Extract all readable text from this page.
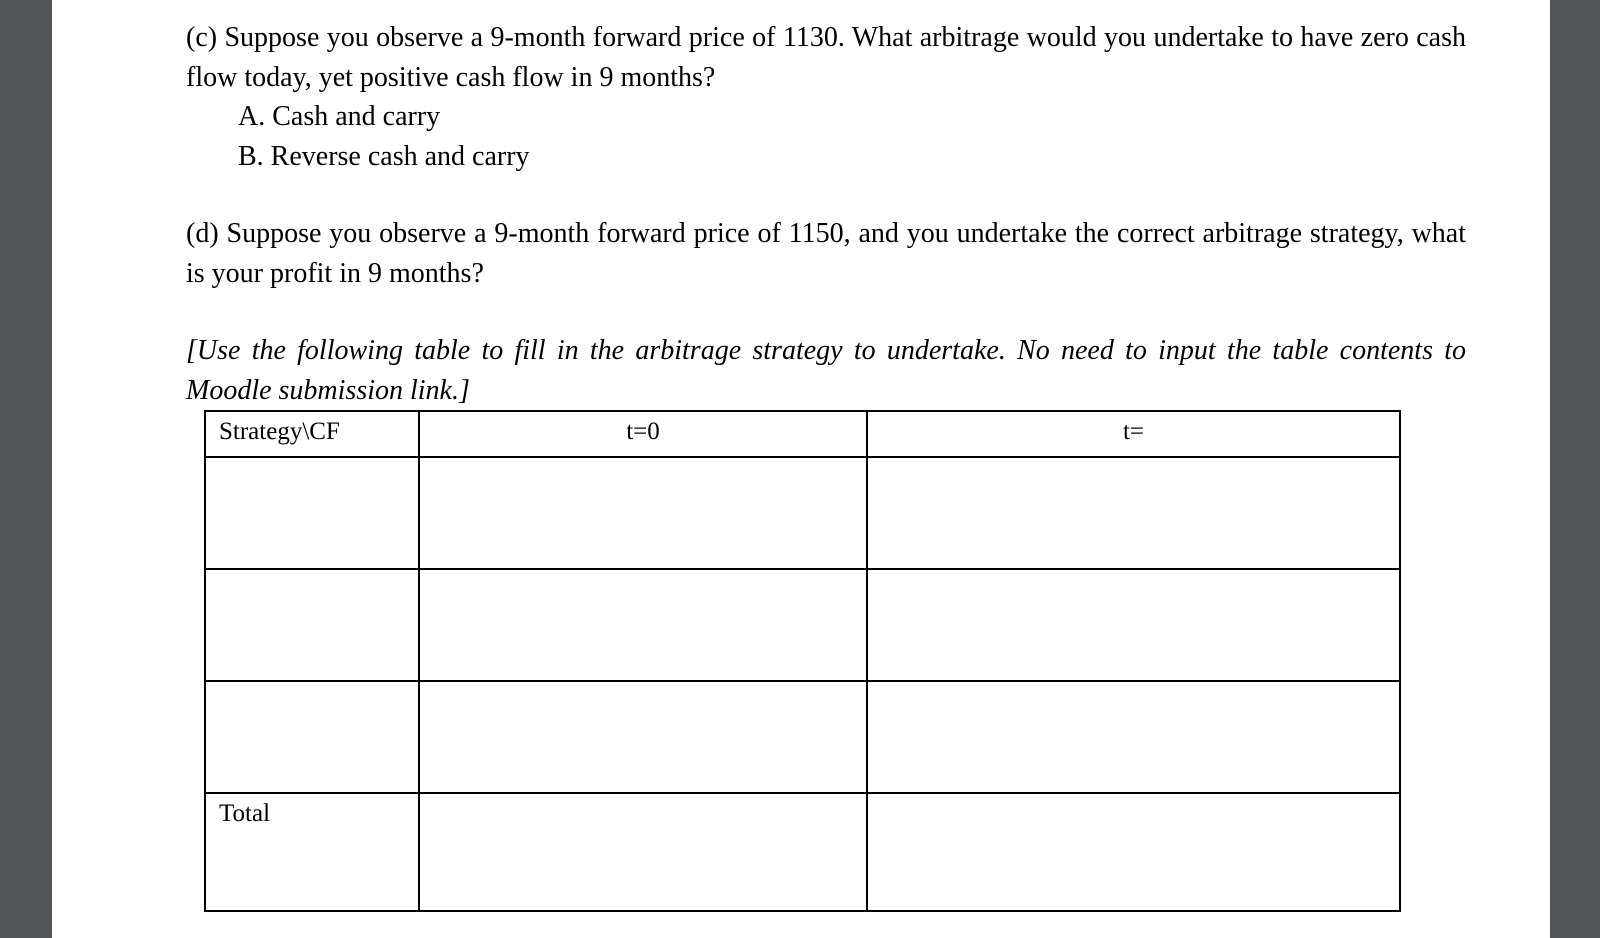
(c) Suppose you observe a 9-month forward price of 1130. What arbitrage would you undertake to have zero cash flow today, yet positive cash flow in 9 months?

A. Cash and carry
B. Reverse cash and carry

(d) Suppose you observe a 9-month forward price of 1150, and you undertake the correct arbitrage strategy, what is your profit in 9 months?

[Use the following table to fill in the arbitrage strategy to undertake. No need to input the table contents to Moodle submission link.]

Strategy\CF	t=0	t=

Total		
